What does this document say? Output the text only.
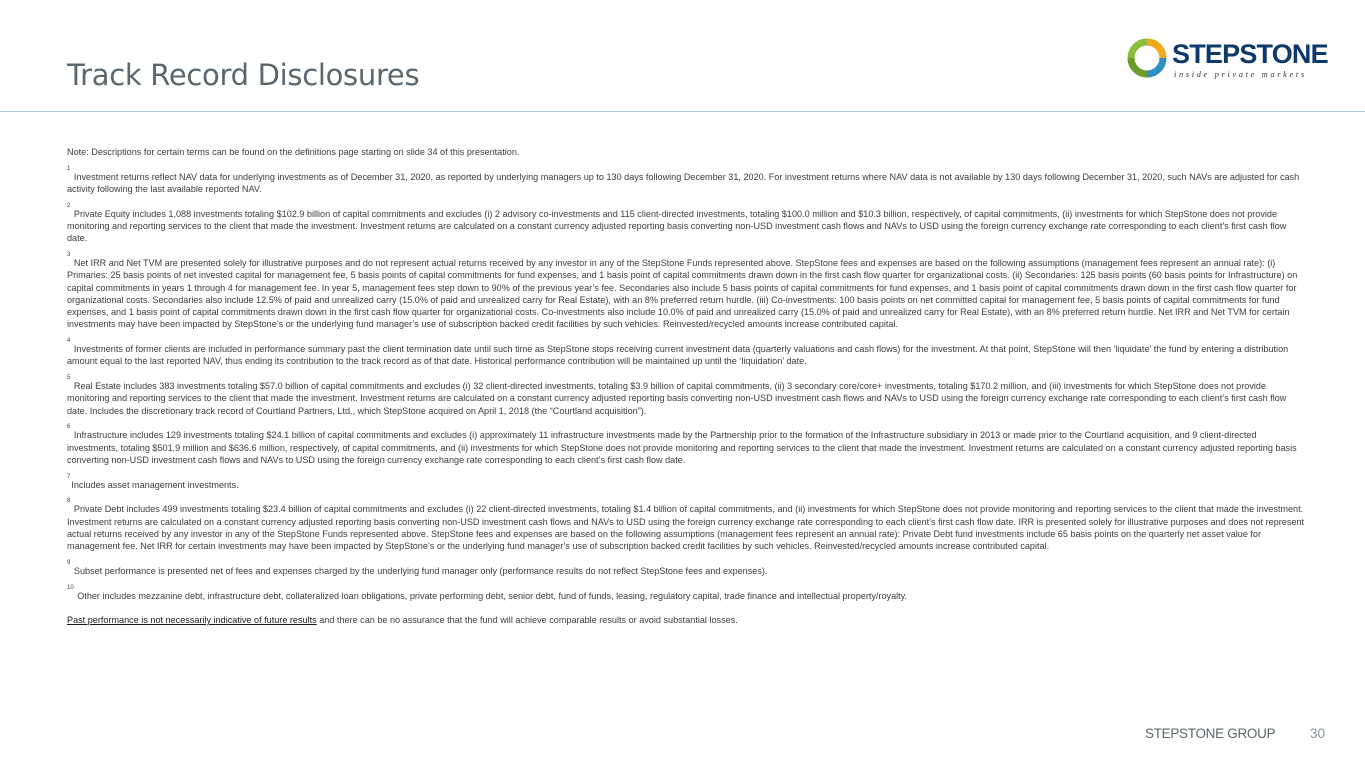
Track Record Disclosures
STEPSTONE
inside private markets

Note: Descriptions for certain terms can be found on the definitions page starting on slide 34 of this presentation.

$^1$ Investment returns reflect NAV data for underlying investments as of December 31, 2020, as reported by underlying managers up to 130 days following December 31, 2020. For investment returns where NAV data is not available by 130 days following December 31, 2020, such NAVs are adjusted for cash activity following the last available reported NAV.

$^2$ Private Equity includes 1,088 investments totaling $102.9 billion of capital commitments and excludes (i) 2 advisory co-investments and 115 client-directed investments, totaling $100.0 million and $10.3 billion, respectively, of capital commitments, (ii) investments for which StepStone does not provide monitoring and reporting services to the client that made the investment. Investment returns are calculated on a constant currency adjusted reporting basis converting non-USD investment cash flows and NAVs to USD using the foreign currency exchange rate corresponding to each client’s first cash flow date.

$^3$ Net IRR and Net TVM are presented solely for illustrative purposes and do not represent actual returns received by any investor in any of the StepStone Funds represented above. StepStone fees and expenses are based on the following assumptions (management fees represent an annual rate): (i) Primaries: 25 basis points of net invested capital for management fee, 5 basis points of capital commitments for fund expenses, and 1 basis point of capital commitments drawn down in the first cash flow quarter for organizational costs. (ii) Secondaries: 125 basis points (60 basis points for Infrastructure) on capital commitments in years 1 through 4 for management fee. In year 5, management fees step down to 90% of the previous year’s fee. Secondaries also include 5 basis points of capital commitments for fund expenses, and 1 basis point of capital commitments drawn down in the first cash flow quarter for organizational costs. Secondaries also include 12.5% of paid and unrealized carry (15.0% of paid and unrealized carry for Real Estate), with an 8% preferred return hurdle. (iii) Co-investments: 100 basis points on net committed capital for management fee, 5 basis points of capital commitments for fund expenses, and 1 basis point of capital commitments drawn down in the first cash flow quarter for organizational costs. Co-investments also include 10.0% of paid and unrealized carry (15.0% of paid and unrealized carry for Real Estate), with an 8% preferred return hurdle. Net IRR and Net TVM for certain investments may have been impacted by StepStone’s or the underlying fund manager’s use of subscription backed credit facilities by such vehicles. Reinvested/recycled amounts increase contributed capital.

$^4$ Investments of former clients are included in performance summary past the client termination date until such time as StepStone stops receiving current investment data (quarterly valuations and cash flows) for the investment. At that point, StepStone will then ‘liquidate’ the fund by entering a distribution amount equal to the last reported NAV, thus ending its contribution to the track record as of that date. Historical performance contribution will be maintained up until the ‘liquidation’ date.

$^5$ Real Estate includes 383 investments totaling $57.0 billion of capital commitments and excludes (i) 32 client-directed investments, totaling $3.9 billion of capital commitments, (ii) 3 secondary core/core+ investments, totaling $170.2 million, and (iii) investments for which StepStone does not provide monitoring and reporting services to the client that made the investment. Investment returns are calculated on a constant currency adjusted reporting basis converting non-USD investment cash flows and NAVs to USD using the foreign currency exchange rate corresponding to each client’s first cash flow date. Includes the discretionary track record of Courtland Partners, Ltd., which StepStone acquired on April 1, 2018 (the “Courtland acquisition”).

$^6$ Infrastructure includes 129 investments totaling $24.1 billion of capital commitments and excludes (i) approximately 11 infrastructure investments made by the Partnership prior to the formation of the Infrastructure subsidiary in 2013 or made prior to the Courtland acquisition, and 9 client-directed investments, totaling $501.9 million and $636.6 million, respectively, of capital commitments, and (ii) investments for which StepStone does not provide monitoring and reporting services to the client that made the investment. Investment returns are calculated on a constant currency adjusted reporting basis converting non-USD investment cash flows and NAVs to USD using the foreign currency exchange rate corresponding to each client’s first cash flow date.

$^7$Includes asset management investments.

$^8$ Private Debt includes 499 investments totaling $23.4 billion of capital commitments and excludes (i) 22 client-directed investments, totaling $1.4 billion of capital commitments, and (ii) investments for which StepStone does not provide monitoring and reporting services to the client that made the investment. Investment returns are calculated on a constant currency adjusted reporting basis converting non-USD investment cash flows and NAVs to USD using the foreign currency exchange rate corresponding to each client’s first cash flow date. IRR is presented solely for illustrative purposes and does not represent actual returns received by any investor in any of the StepStone Funds represented above. StepStone fees and expenses are based on the following assumptions (management fees represent an annual rate): Private Debt fund investments include 65 basis points on the quarterly net asset value for management fee. Net IRR for certain investments may have been impacted by StepStone’s or the underlying fund manager’s use of subscription backed credit facilities by such vehicles. Reinvested/recycled amounts increase contributed capital.

$^9$ Subset performance is presented net of fees and expenses charged by the underlying fund manager only (performance results do not reflect StepStone fees and expenses).

$^{10}$ Other includes mezzanine debt, infrastructure debt, collateralized loan obligations, private performing debt, senior debt, fund of funds, leasing, regulatory capital, trade finance and intellectual property/royalty.

Past performance is not necessarily indicative of future results and there can be no assurance that the fund will achieve comparable results or avoid substantial losses.

STEPSTONE GROUP	30
